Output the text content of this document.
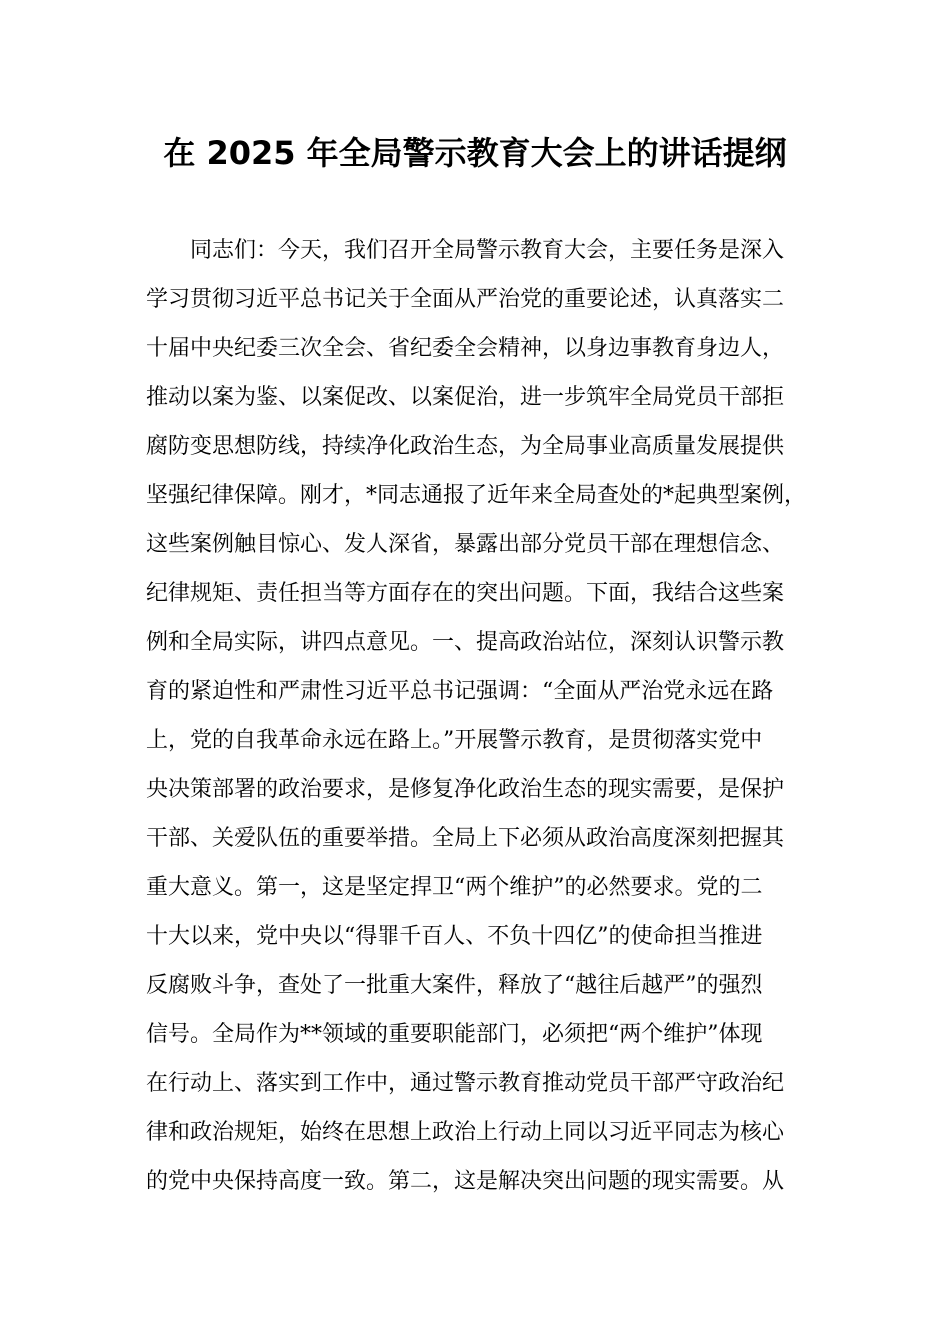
在 2025 年全局警示教育大会上的讲话提纲
同志们：今天，我们召开全局警示教育大会，主要任务是深入
学习贯彻习近平总书记关于全面从严治党的重要论述，认真落实二
十届中央纪委三次全会、省纪委全会精神，以身边事教育身边人，
推动以案为鉴、以案促改、以案促治，进一步筑牢全局党员干部拒
腐防变思想防线，持续净化政治生态，为全局事业高质量发展提供
坚强纪律保障。刚才，*同志通报了近年来全局查处的*起典型案例，
这些案例触目惊心、发人深省，暴露出部分党员干部在理想信念、
纪律规矩、责任担当等方面存在的突出问题。下面，我结合这些案
例和全局实际，讲四点意见。一、提高政治站位，深刻认识警示教
育的紧迫性和严肃性习近平总书记强调：“全面从严治党永远在路
上，党的自我革命永远在路上。”开展警示教育，是贯彻落实党中
央决策部署的政治要求，是修复净化政治生态的现实需要，是保护
干部、关爱队伍的重要举措。全局上下必须从政治高度深刻把握其
重大意义。第一，这是坚定捍卫“两个维护”的必然要求。党的二
十大以来，党中央以“得罪千百人、不负十四亿”的使命担当推进
反腐败斗争，查处了一批重大案件，释放了“越往后越严”的强烈
信号。全局作为**领域的重要职能部门，必须把“两个维护”体现
在行动上、落实到工作中，通过警示教育推动党员干部严守政治纪
律和政治规矩，始终在思想上政治上行动上同以习近平同志为核心
的党中央保持高度一致。第二，这是解决突出问题的现实需要。从
